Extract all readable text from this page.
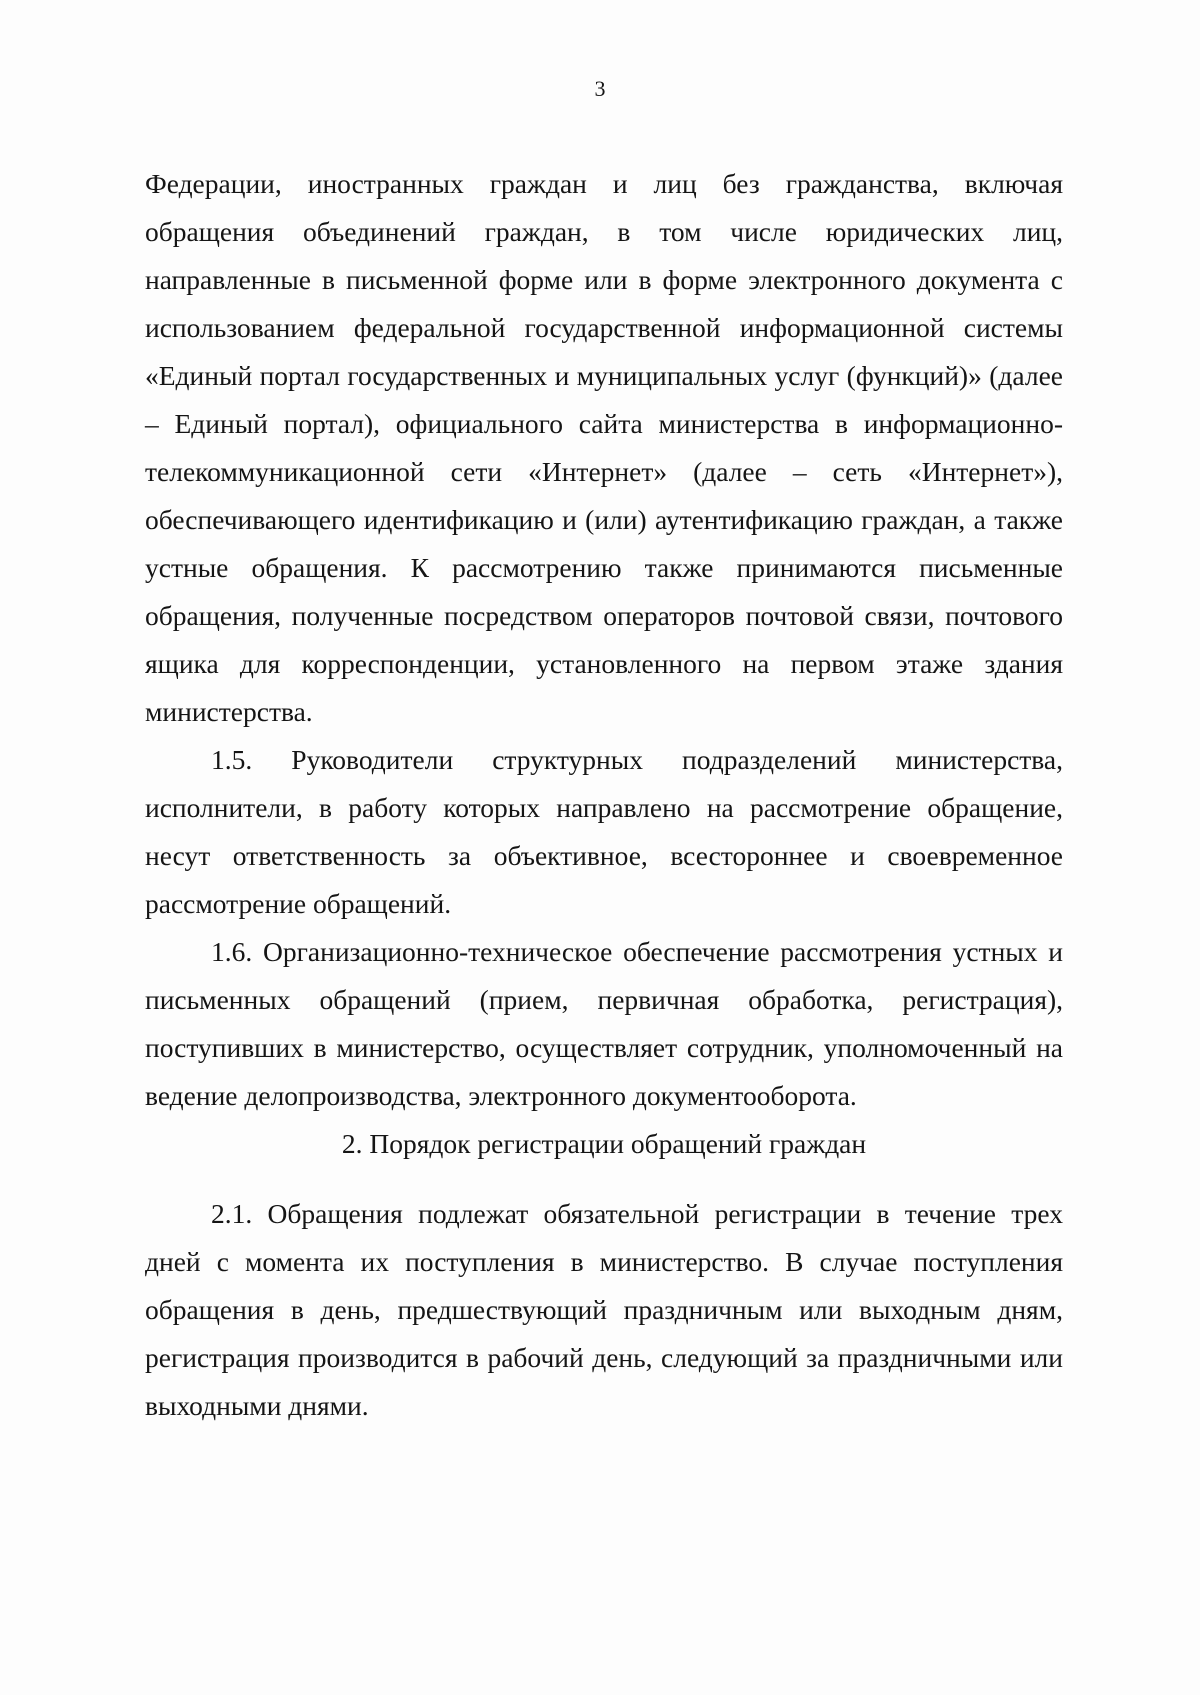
3

Федерации, иностранных граждан и лиц без гражданства, включая обращения объединений граждан, в том числе юридических лиц, направленные в письменной форме или в форме электронного документа с использованием федеральной государственной информационной системы «Единый портал государственных и муниципальных услуг (функций)» (далее – Единый портал), официального сайта министерства в информационно-телекоммуникационной сети «Интернет» (далее – сеть «Интернет»), обеспечивающего идентификацию и (или) аутентификацию граждан, а также устные обращения. К рассмотрению также принимаются письменные обращения, полученные посредством операторов почтовой связи, почтового ящика для корреспонденции, установленного на первом этаже здания министерства.

1.5. Руководители структурных подразделений министерства, исполнители, в работу которых направлено на рассмотрение обращение, несут ответственность за объективное, всестороннее и своевременное рассмотрение обращений.

1.6. Организационно-техническое обеспечение рассмотрения устных и письменных обращений (прием, первичная обработка, регистрация), поступивших в министерство, осуществляет сотрудник, уполномоченный на ведение делопроизводства, электронного документооборота.

2. Порядок регистрации обращений граждан

2.1. Обращения подлежат обязательной регистрации в течение трех дней с момента их поступления в министерство. В случае поступления обращения в день, предшествующий праздничным или выходным дням, регистрация производится в рабочий день, следующий за праздничными или выходными днями.
